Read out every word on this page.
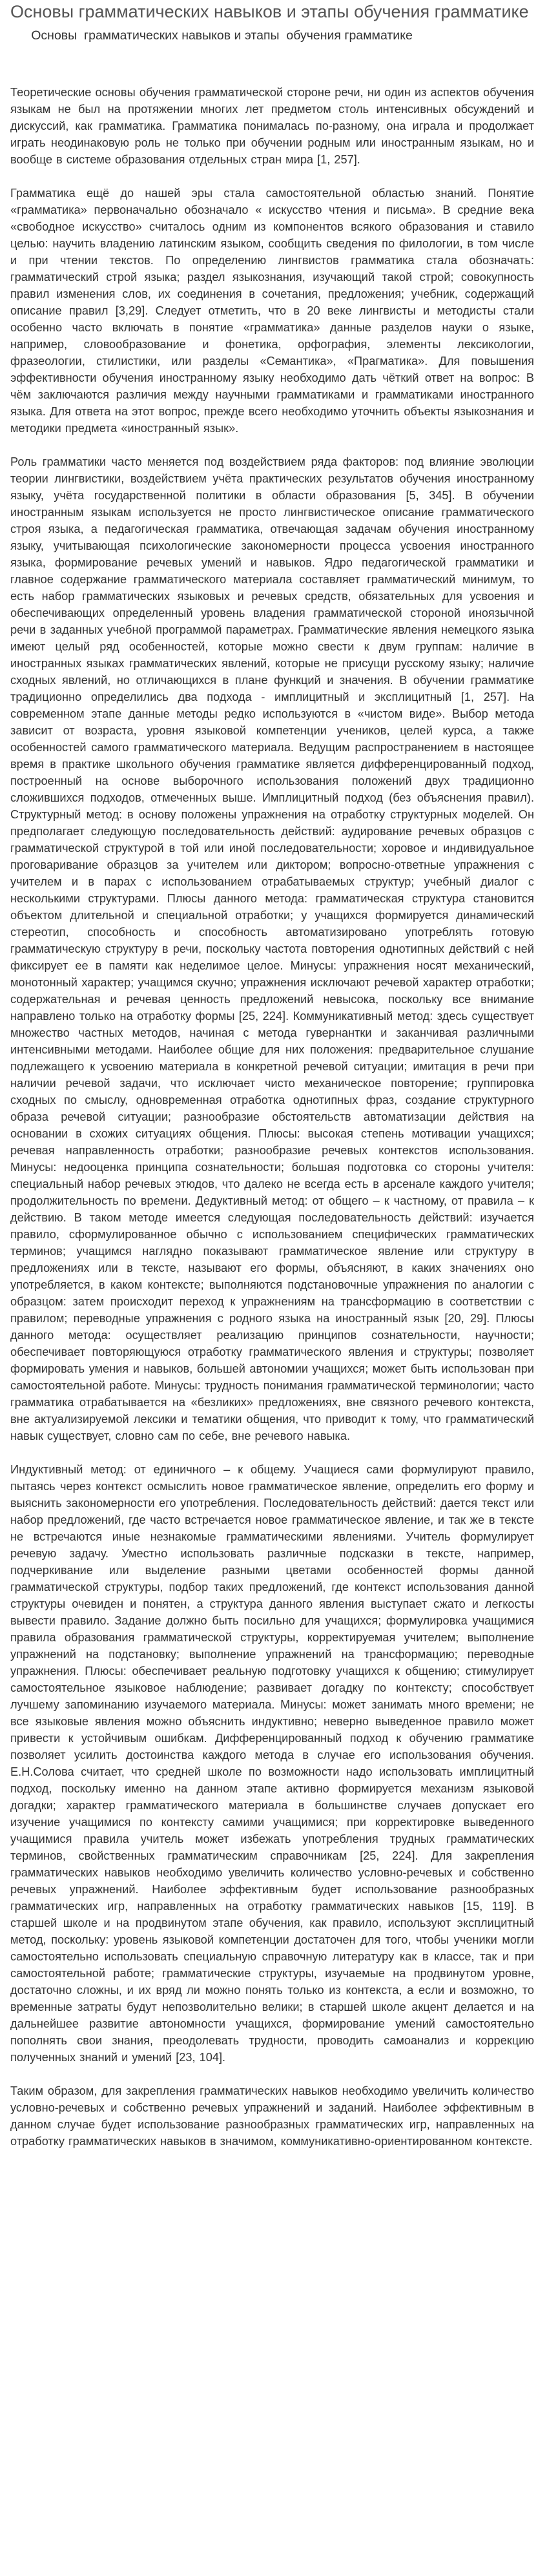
Основы грамматических навыков и этапы обучения грамматике
Основы  грамматических навыков и этапы  обучения грамматике

Теоретические основы обучения грамматической стороне речи, ни один из аспектов обучения языкам не был на протяжении многих лет предметом столь интенсивных обсуждений и дискуссий, как грамматика. Грамматика понималась по-разному, она играла и продолжает играть неодинаковую роль не только при обучении родным или иностранным языкам, но и вообще в системе образования отдельных стран мира [1, 257].

Грамматика ещё до нашей эры стала самостоятельной областью знаний. Понятие «грамматика» первоначально обозначало « искусство чтения и письма». В средние века «свободное искусство» считалось одним из компонентов всякого образования и ставило целью: научить владению латинским языком, сообщить сведения по филологии, в том числе и при чтении текстов. По определению лингвистов грамматика стала обозначать: грамматический строй языка; раздел языкознания, изучающий такой строй; совокупность правил изменения слов, их соединения в сочетания, предложения; учебник, содержащий описание правил [3,29]. Следует отметить, что в 20 веке лингвисты и методисты стали особенно часто включать в понятие «грамматика» данные разделов науки о языке, например, словообразование и фонетика, орфография, элементы лексикологии, фразеологии, стилистики, или разделы «Семантика», «Прагматика». Для повышения эффективности обучения иностранному языку необходимо дать чёткий ответ на вопрос: В чём заключаются различия между научными грамматиками и грамматиками иностранного языка. Для ответа на этот вопрос, прежде всего необходимо уточнить объекты языкознания и методики предмета «иностранный язык».

Роль грамматики часто меняется под воздействием ряда факторов: под влияние эволюции теории лингвистики, воздействием учёта практических результатов обучения иностранному языку, учёта государственной политики в области образования [5, 345]. В обучении иностранным языкам используется не просто лингвистическое описание грамматического строя языка, а педагогическая грамматика, отвечающая задачам обучения иностранному языку, учитывающая психологические закономерности процесса усвоения иностранного языка, формирование речевых умений и навыков. Ядро педагогической грамматики и главное содержание грамматического материала составляет грамматический минимум, то есть набор грамматических языковых и речевых средств, обязательных для усвоения и обеспечивающих определенный уровень владения грамматической стороной иноязычной речи в заданных учебной программой параметрах. Грамматические явления немецкого языка имеют целый ряд особенностей, которые можно свести к двум группам: наличие в иностранных языках грамматических явлений, которые не присущи русскому языку; наличие сходных явлений, но отличающихся в плане функций и значения. В обучении грамматике традиционно определились два подхода - имплицитный и эксплицитный [1, 257]. На современном этапе данные методы редко используются в «чистом виде». Выбор метода зависит от возраста, уровня языковой компетенции учеников, целей курса, а также особенностей самого грамматического материала. Ведущим распространением в настоящее время в практике школьного обучения грамматике является дифференцированный подход, построенный на основе выборочного использования положений двух традиционно сложившихся подходов, отмеченных выше. Имплицитный подход (без объяснения правил). Структурный метод: в основу положены упражнения на отработку структурных моделей. Он предполагает следующую последовательность действий: аудирование речевых образцов с грамматической структурой в той или иной последовательности; хоровое и индивидуальное проговаривание образцов за учителем или диктором; вопросно-ответные упражнения с учителем и в парах с использованием отрабатываемых структур; учебный диалог с несколькими структурами. Плюсы данного метода: грамматическая структура становится объектом длительной и специальной отработки; у учащихся формируется динамический стереотип, способность и способность автоматизировано употреблять готовую грамматическую структуру в речи, поскольку частота повторения однотипных действий с ней фиксирует ее в памяти как неделимое целое. Минусы: упражнения носят механический, монотонный характер; учащимся скучно; упражнения исключают речевой характер отработки; содержательная и речевая ценность предложений невысока, поскольку все внимание направлено только на отработку формы [25, 224]. Коммуникативный метод: здесь существует множество частных методов, начиная с метода гувернантки и заканчивая различными интенсивными методами. Наиболее общие для них положения: предварительное слушание подлежащего к усвоению материала в конкретной речевой ситуации; имитация в речи при наличии речевой задачи, что исключает чисто механическое повторение; группировка сходных по смыслу, одновременная отработка однотипных фраз, создание структурного образа речевой ситуации; разнообразие обстоятельств автоматизации действия на основании в схожих ситуациях общения. Плюсы: высокая степень мотивации учащихся; речевая направленность отработки; разнообразие речевых контекстов использования. Минусы: недооценка принципа сознательности; большая подготовка со стороны учителя: специальный набор речевых этюдов, что далеко не всегда есть в арсенале каждого учителя; продолжительность по времени. Дедуктивный метод: от общего – к частному, от правила – к действию. В таком методе имеется следующая последовательность действий: изучается правило, сформулированное обычно с использованием специфических грамматических терминов; учащимся наглядно показывают грамматическое явление или структуру в предложениях или в тексте, называют его формы, объясняют, в каких значениях оно употребляется, в каком контексте; выполняются подстановочные упражнения по аналогии с образцом: затем происходит переход к упражнениям на трансформацию в соответствии с правилом; переводные упражнения с родного языка на иностранный язык [20, 29]. Плюсы данного метода: осуществляет реализацию принципов сознательности, научности; обеспечивает повторяющуюся отработку грамматического явления и структуры; позволяет формировать умения и навыков, большей автономии учащихся; может быть использован при самостоятельной работе. Минусы: трудность понимания грамматической терминологии; часто грамматика отрабатывается на «безликих» предложениях, вне связного речевого контекста, вне актуализируемой лексики и тематики общения, что приводит к тому, что грамматический навык существует, словно сам по себе, вне речевого навыка.

Индуктивный метод: от единичного – к общему. Учащиеся сами формулируют правило, пытаясь через контекст осмыслить новое грамматическое явление, определить его форму и выяснить закономерности его употребления. Последовательность действий: дается текст или набор предложений, где часто встречается новое грамматическое явление, и так же в тексте не встречаются иные незнакомые грамматическими явлениями. Учитель формулирует речевую задачу. Уместно использовать различные подсказки в тексте, например, подчеркивание или выделение разными цветами особенностей формы данной грамматической структуры, подбор таких предложений, где контекст использования данной структуры очевиден и понятен, а структура данного явления выступает сжато и легкосты вывести правило. Задание должно быть посильно для учащихся; формулировка учащимися правила образования грамматической структуры, корректируемая учителем; выполнение упражнений на подстановку; выполнение упражнений на трансформацию; переводные упражнения. Плюсы: обеспечивает реальную подготовку учащихся к общению; стимулирует самостоятельное языковое наблюдение; развивает догадку по контексту; способствует лучшему запоминанию изучаемого материала. Минусы: может занимать много времени; не все языковые явления можно объяснить индуктивно; неверно выведенное правило может привести к устойчивым ошибкам. Дифференцированный подход к обучению грамматике позволяет усилить достоинства каждого метода в случае его использования обучения. Е.Н.Солова считает, что средней школе по возможности надо использовать имплицитный подход, поскольку именно на данном этапе активно формируется механизм языковой догадки; характер грамматического материала в большинстве случаев допускает его изучение учащимися по контексту самими учащимися; при корректировке выведенного учащимися правила учитель может избежать употребления трудных грамматических терминов, свойственных грамматическим справочникам [25, 224]. Для закрепления грамматических навыков необходимо увеличить количество условно-речевых и собственно речевых упражнений. Наиболее эффективным будет использование разнообразных грамматических игр, направленных на отработку грамматических навыков [15, 119]. В старшей школе и на продвинутом этапе обучения, как правило, используют эксплицитный метод, поскольку: уровень языковой компетенции достаточен для того, чтобы ученики могли самостоятельно использовать специальную справочную литературу как в классе, так и при самостоятельной работе; грамматические структуры, изучаемые на продвинутом уровне, достаточно сложны, и их вряд ли можно понять только из контекста, а если и возможно, то временные затраты будут непозволительно велики; в старшей школе акцент делается и на дальнейшее развитие автономности учащихся, формирование умений самостоятельно пополнять свои знания, преодолевать трудности, проводить самоанализ и коррекцию полученных знаний и умений [23, 104].

Таким образом, для закрепления грамматических навыков необходимо увеличить количество условно-речевых и собственно речевых упражнений и заданий. Наиболее эффективным в данном случае будет использование разнообразных грамматических игр, направленных на отработку грамматических навыков в значимом, коммуникативно-ориентированном контексте.
